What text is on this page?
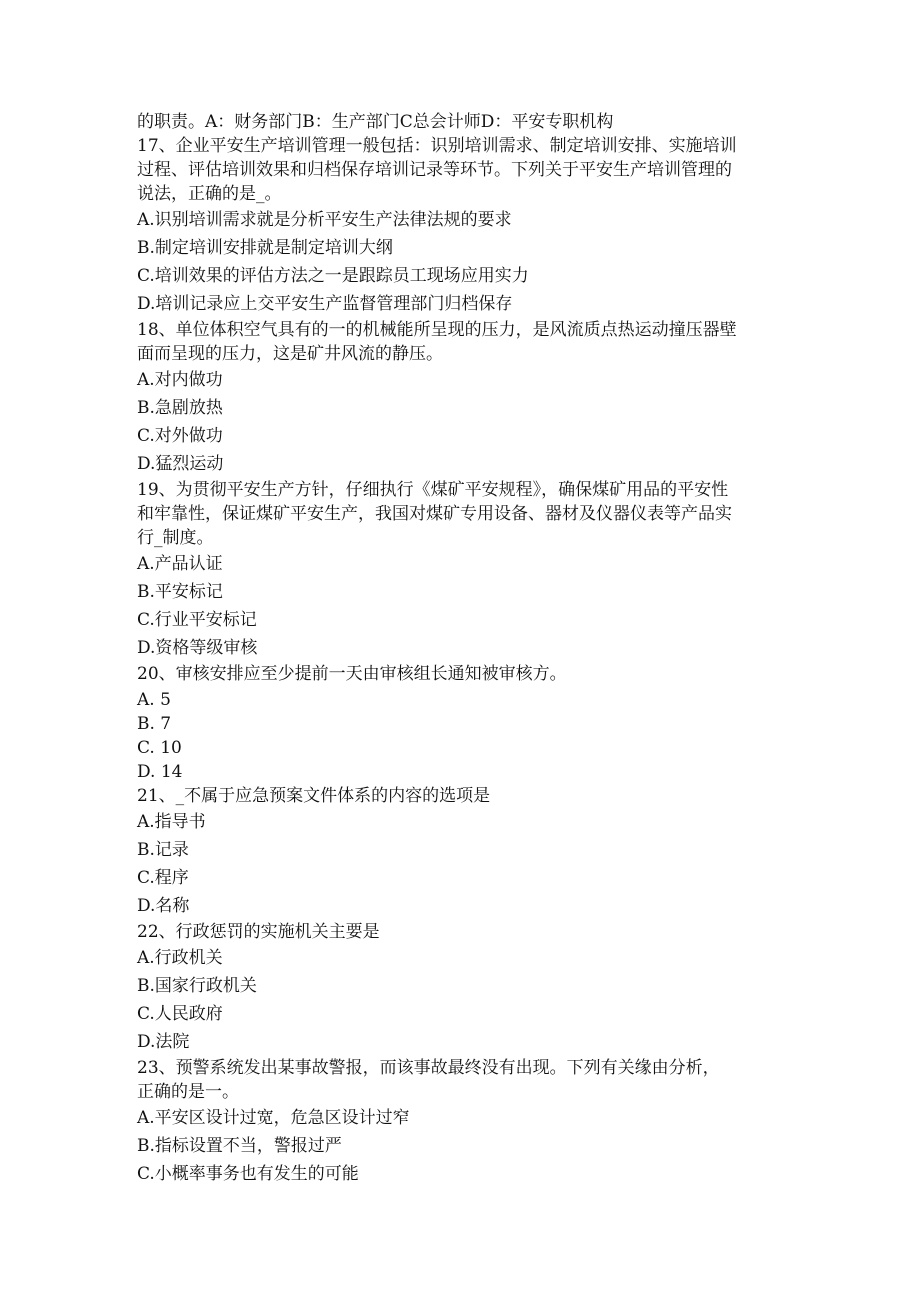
的职责。A：财务部门B：生产部门C总会计师D：平安专职机构
17、企业平安生产培训管理一般包括：识别培训需求、制定培训安排、实施培训
过程、评估培训效果和归档保存培训记录等环节。下列关于平安生产培训管理的
说法，正确的是_。
A.识别培训需求就是分析平安生产法律法规的要求
B.制定培训安排就是制定培训大纲
C.培训效果的评估方法之一是跟踪员工现场应用实力
D.培训记录应上交平安生产监督管理部门归档保存
18、单位体积空气具有的一的机械能所呈现的压力，是风流质点热运动撞压器壁
面而呈现的压力，这是矿井风流的静压。
A.对内做功
B.急剧放热
C.对外做功
D.猛烈运动
19、为贯彻平安生产方针，仔细执行《煤矿平安规程》，确保煤矿用品的平安性
和牢靠性，保证煤矿平安生产，我国对煤矿专用设备、器材及仪器仪表等产品实
行_制度。
A.产品认证
B.平安标记
C.行业平安标记
D.资格等级审核
20、审核安排应至少提前一天由审核组长通知被审核方。
A. 5
B. 7
C. 10
D. 14
21、_不属于应急预案文件体系的内容的选项是
A.指导书
B.记录
C.程序
D.名称
22、行政惩罚的实施机关主要是
A.行政机关
B.国家行政机关
C.人民政府
D.法院
23、预警系统发出某事故警报，而该事故最终没有出现。下列有关缘由分析，
正确的是一。
A.平安区设计过宽，危急区设计过窄
B.指标设置不当，警报过严
C.小概率事务也有发生的可能
